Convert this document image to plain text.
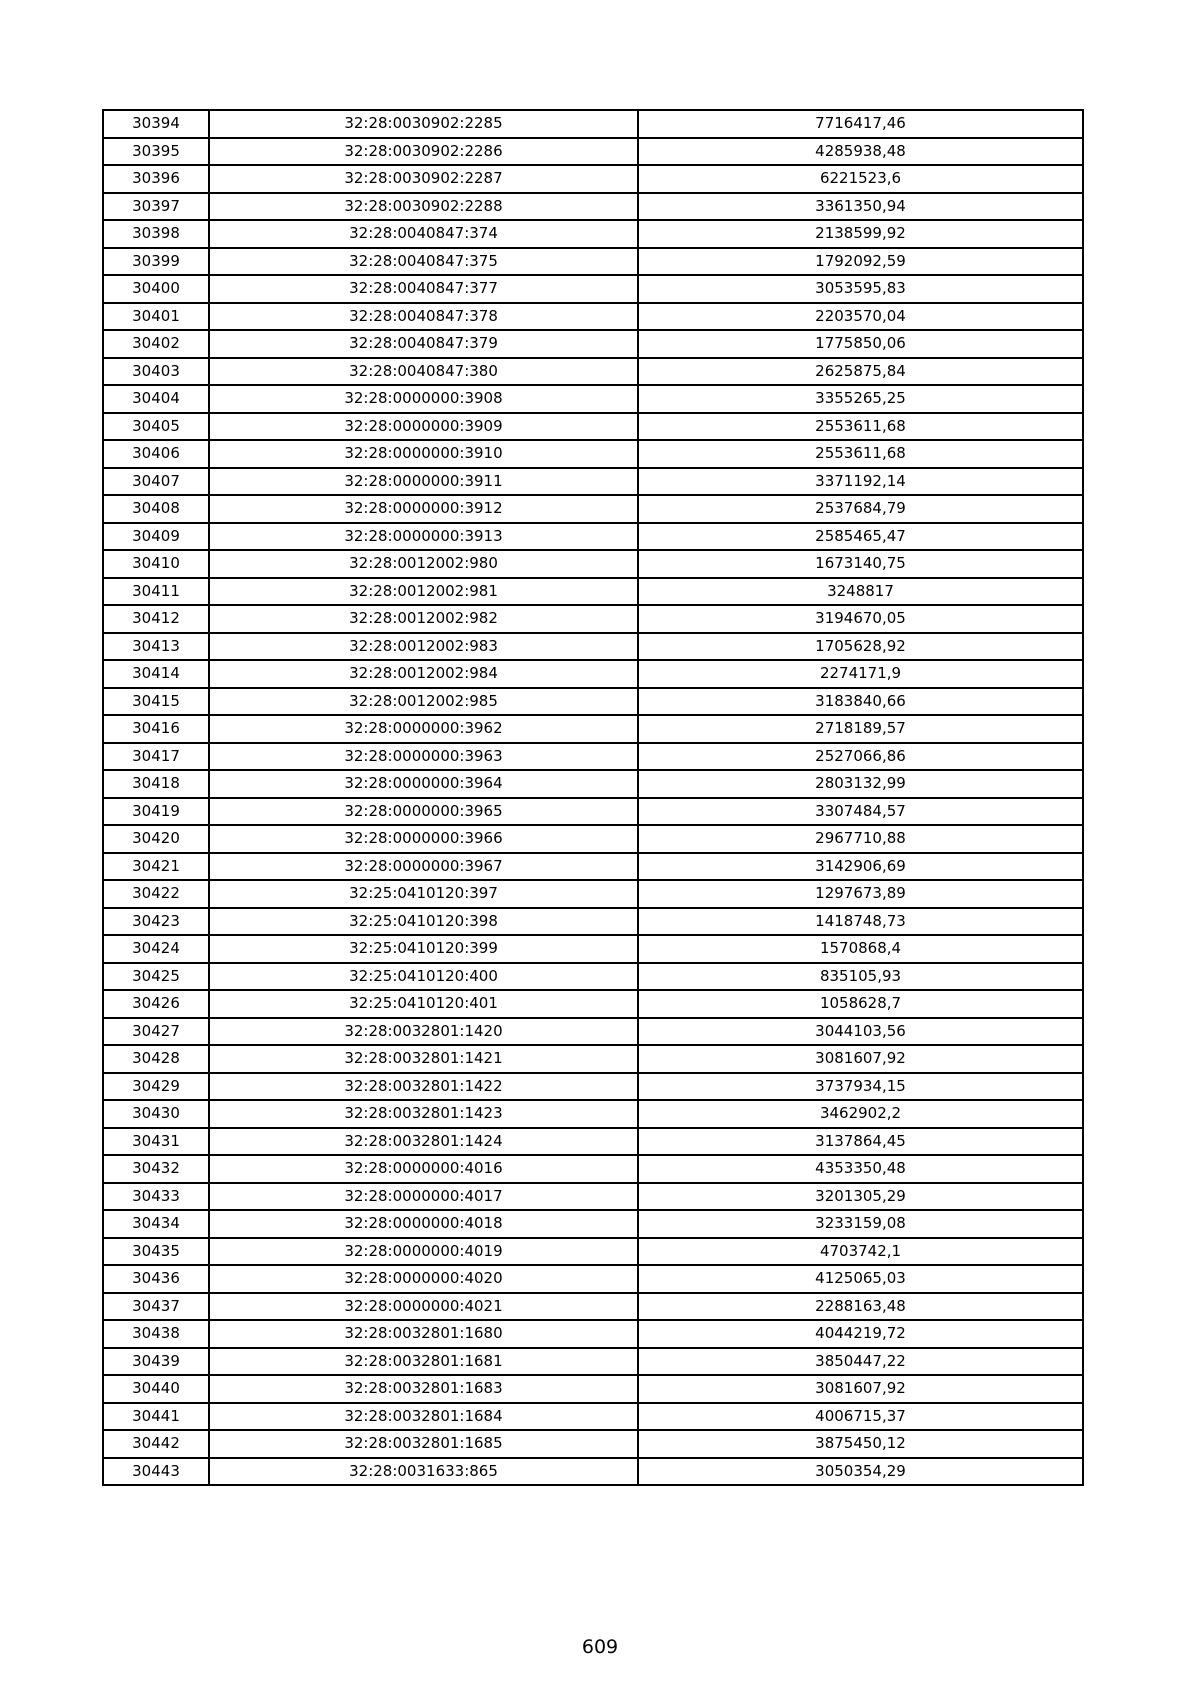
30394	32:28:0030902:2285	7716417,46
30395	32:28:0030902:2286	4285938,48
30396	32:28:0030902:2287	6221523,6
30397	32:28:0030902:2288	3361350,94
30398	32:28:0040847:374	2138599,92
30399	32:28:0040847:375	1792092,59
30400	32:28:0040847:377	3053595,83
30401	32:28:0040847:378	2203570,04
30402	32:28:0040847:379	1775850,06
30403	32:28:0040847:380	2625875,84
30404	32:28:0000000:3908	3355265,25
30405	32:28:0000000:3909	2553611,68
30406	32:28:0000000:3910	2553611,68
30407	32:28:0000000:3911	3371192,14
30408	32:28:0000000:3912	2537684,79
30409	32:28:0000000:3913	2585465,47
30410	32:28:0012002:980	1673140,75
30411	32:28:0012002:981	3248817
30412	32:28:0012002:982	3194670,05
30413	32:28:0012002:983	1705628,92
30414	32:28:0012002:984	2274171,9
30415	32:28:0012002:985	3183840,66
30416	32:28:0000000:3962	2718189,57
30417	32:28:0000000:3963	2527066,86
30418	32:28:0000000:3964	2803132,99
30419	32:28:0000000:3965	3307484,57
30420	32:28:0000000:3966	2967710,88
30421	32:28:0000000:3967	3142906,69
30422	32:25:0410120:397	1297673,89
30423	32:25:0410120:398	1418748,73
30424	32:25:0410120:399	1570868,4
30425	32:25:0410120:400	835105,93
30426	32:25:0410120:401	1058628,7
30427	32:28:0032801:1420	3044103,56
30428	32:28:0032801:1421	3081607,92
30429	32:28:0032801:1422	3737934,15
30430	32:28:0032801:1423	3462902,2
30431	32:28:0032801:1424	3137864,45
30432	32:28:0000000:4016	4353350,48
30433	32:28:0000000:4017	3201305,29
30434	32:28:0000000:4018	3233159,08
30435	32:28:0000000:4019	4703742,1
30436	32:28:0000000:4020	4125065,03
30437	32:28:0000000:4021	2288163,48
30438	32:28:0032801:1680	4044219,72
30439	32:28:0032801:1681	3850447,22
30440	32:28:0032801:1683	3081607,92
30441	32:28:0032801:1684	4006715,37
30442	32:28:0032801:1685	3875450,12
30443	32:28:0031633:865	3050354,29
609
